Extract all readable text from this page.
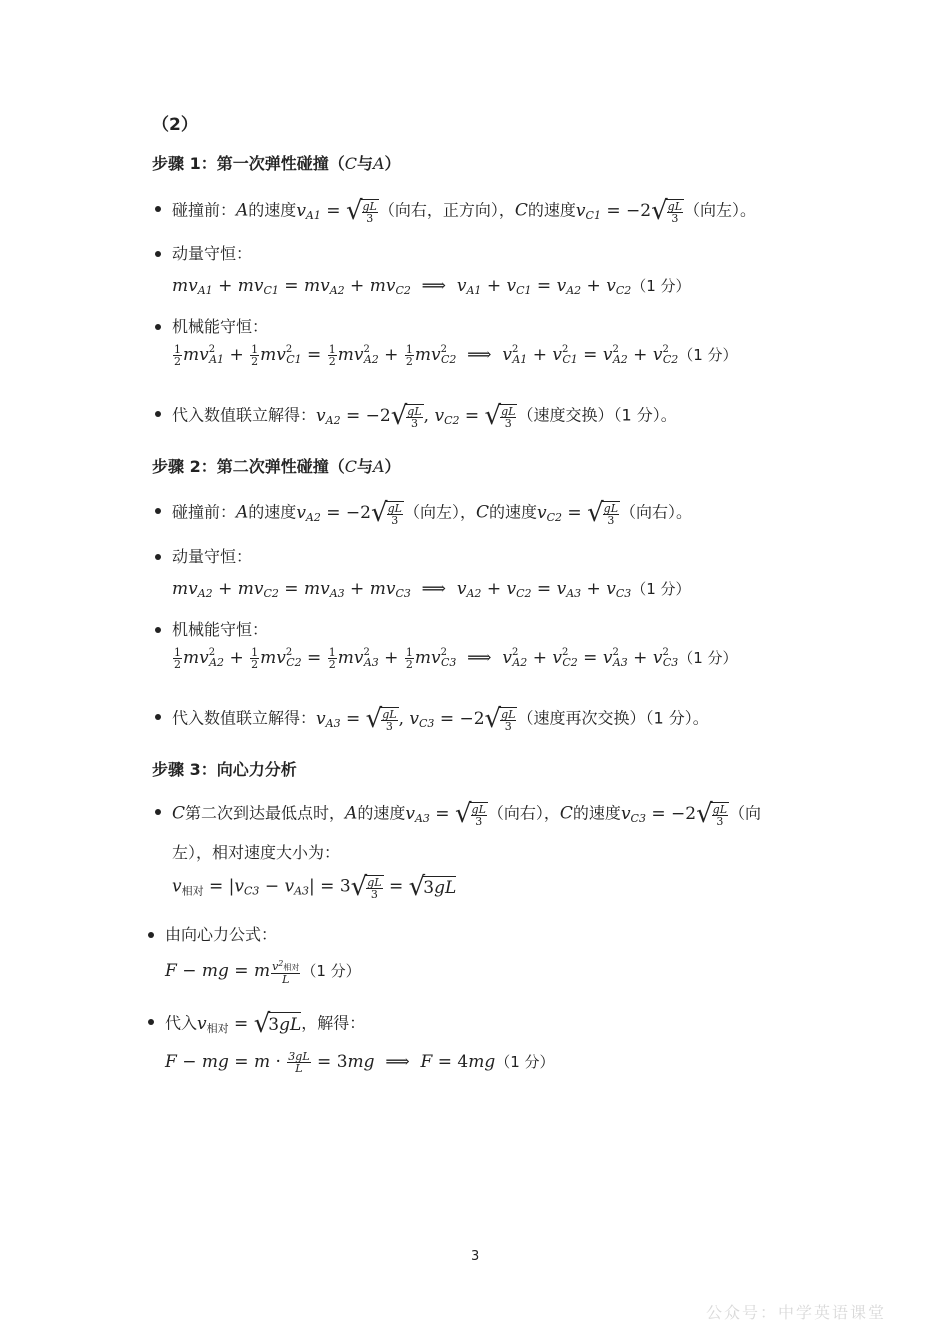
（2）
步骤 1：第一次弹性碰撞（C与A）
碰撞前：A的速度$v_{A1}$ = √ $\frac{gL}{3}$ （向右，正方向），C的速度$v_{C1} = -2√ \frac{gL}{3}$ （向左）。
动量守恒：
$mv_{A1} + mv_{C1} = mv_{A2} + mv_{C2}$  ⟹  $v_{A1} + v_{C1} = v_{A2} + v_{C2}(1$ 分）
机械能守恒：
$\frac{1}{2} mv^2_{A1} + \frac{1}{2} mv^2_{C1} = \frac{1}{2} mv^2_{A2} + \frac{1}{2} mv^2_{C2}$  ⟹  $v^2_{A1} + v^2_{C1} = v^2_{A2} + v^2_{C2}(1$ 分）
代入数值联立解得：$v_{A2} = -2√ \frac{gL}{3}$ , $v_{C2}$ = √ $\frac{gL}{3}$ （速度交换）（1 分）。
步骤 2：第二次弹性碰撞（C与A）
碰撞前：A的速度$v_{A2} = -2√ \frac{gL}{3}$ （向左），C的速度$v_{C2}$ = √ $\frac{gL}{3}$ （向右）。
动量守恒：
$mv_{A2} + mv_{C2} = mv_{A3} + mv_{C3}$  ⟹  $v_{A2} + v_{C2} = v_{A3} + v_{C3}(1$ 分）
机械能守恒：
$\frac{1}{2} mv^2_{A2} + \frac{1}{2} mv^2_{C2} = \frac{1}{2} mv^2_{A3} + \frac{1}{2} mv^2_{C3}$  ⟹  $v^2_{A2} + v^2_{C2} = v^2_{A3} + v^2_{C3}(1$ 分）
代入数值联立解得：$v_{A3}$ = √ $\frac{gL}{3}$ , $v_{C3} = -2√ \frac{gL}{3}$ （速度再次交换）（1 分）。
步骤 3：向心力分析
C第二次到达最低点时，A的速度$v_{A3}$ = √ $\frac{gL}{3}$ （向右），C的速度$v_{C3} = -2√ \frac{gL}{3}$ （向
左），相对速度大小为：
$v_{相对} = |v_{C3} - v_{A3}| = 3√ \frac{gL}{3} = √3gL$
由向心力公式：
F − mg = m $\frac{v^2相对}{L} (1$ 分）
代入$v_{相对} = √3gL$，解得：
F − mg = $m \cdot \frac{3gL}{L} = 3mg$  ⟹  F = 4mg（1 分）
3
公众号：中学英语课堂
